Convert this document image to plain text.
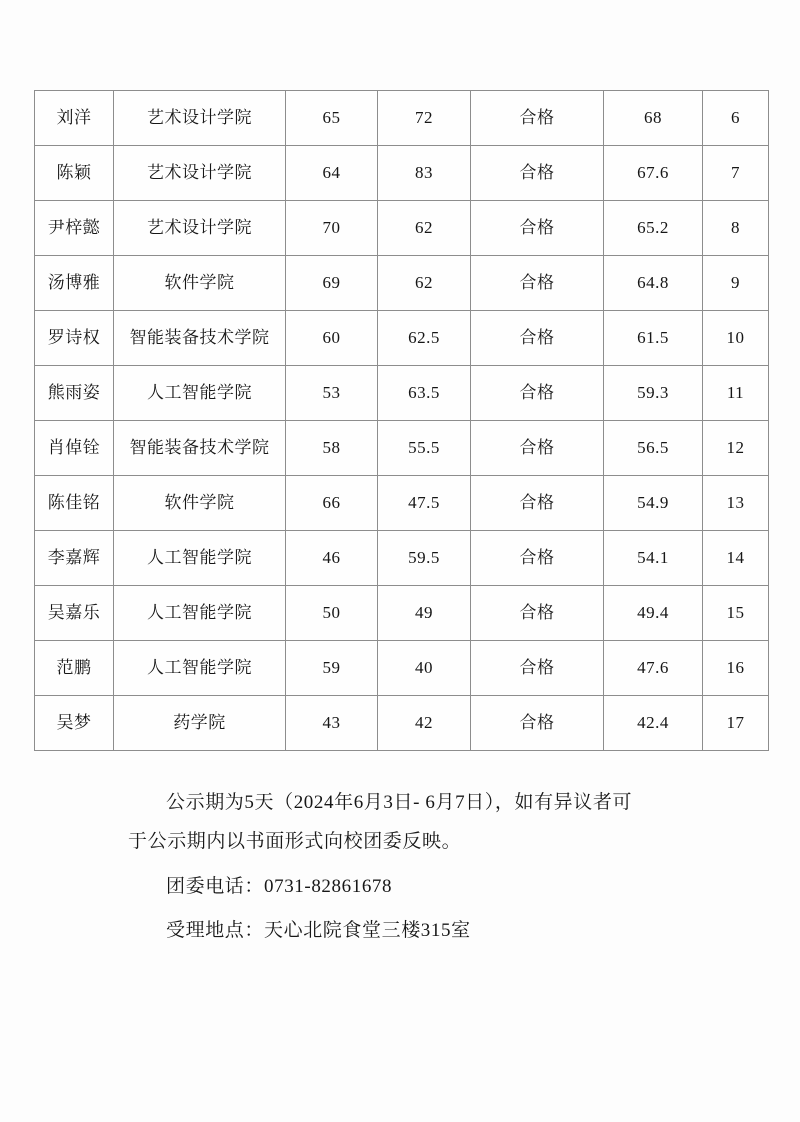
刘洋	艺术设计学院	65	72	合格	68	6
陈颖	艺术设计学院	64	83	合格	67.6	7
尹梓懿	艺术设计学院	70	62	合格	65.2	8
汤博雅	软件学院	69	62	合格	64.8	9
罗诗权	智能装备技术学院	60	62.5	合格	61.5	10
熊雨姿	人工智能学院	53	63.5	合格	59.3	11
肖倬铨	智能装备技术学院	58	55.5	合格	56.5	12
陈佳铭	软件学院	66	47.5	合格	54.9	13
李嘉辉	人工智能学院	46	59.5	合格	54.1	14
吴嘉乐	人工智能学院	50	49	合格	49.4	15
范鹏	人工智能学院	59	40	合格	47.6	16
吴梦	药学院	43	42	合格	42.4	17

公示期为5天（2024年6月3日- 6月7日），如有异议者可

于公示期内以书面形式向校团委反映。

团委电话：0731-82861678

受理地点：天心北院食堂三楼315室
